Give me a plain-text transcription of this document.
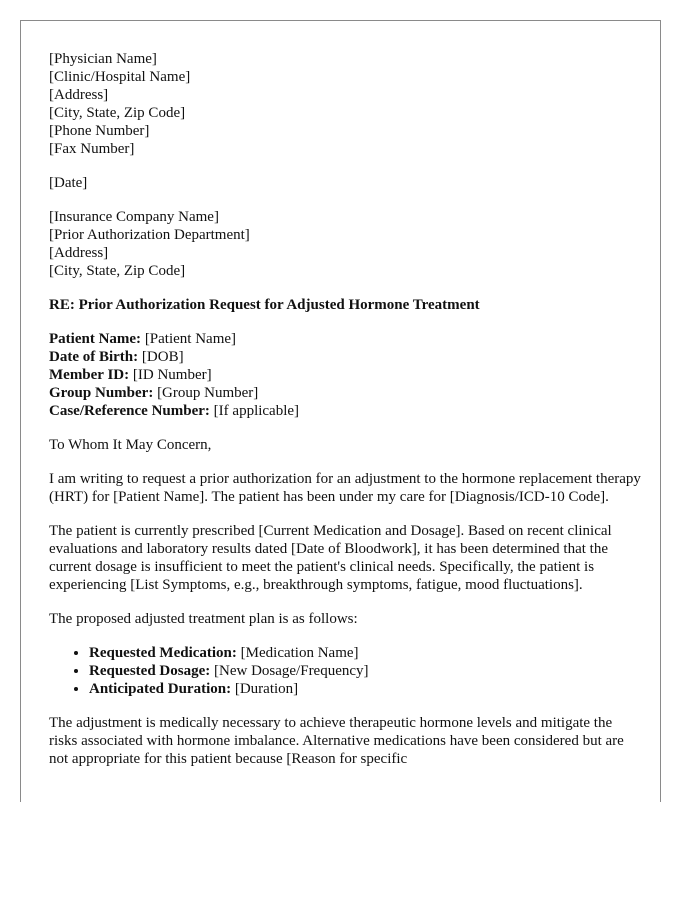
[Physician Name]
[Clinic/Hospital Name]
[Address]
[City, State, Zip Code]
[Phone Number]
[Fax Number]
[Date]
[Insurance Company Name]
[Prior Authorization Department]
[Address]
[City, State, Zip Code]

RE: Prior Authorization Request for Adjusted Hormone Treatment

Patient Name: [Patient Name]
Date of Birth: [DOB]
Member ID: [ID Number]
Group Number: [Group Number]
Case/Reference Number: [If applicable]

To Whom It May Concern,

I am writing to request a prior authorization for an adjustment to the hormone replacement therapy (HRT) for [Patient Name]. The patient has been under my care for [Diagnosis/ICD-10 Code].

The patient is currently prescribed [Current Medication and Dosage]. Based on recent clinical evaluations and laboratory results dated [Date of Bloodwork], it has been determined that the current dosage is insufficient to meet the patient's clinical needs. Specifically, the patient is experiencing [List Symptoms, e.g., breakthrough symptoms, fatigue, mood fluctuations].

The proposed adjusted treatment plan is as follows:

• Requested Medication: [Medication Name]
• Requested Dosage: [New Dosage/Frequency]
• Anticipated Duration: [Duration]

The adjustment is medically necessary to achieve therapeutic hormone levels and mitigate the risks associated with hormone imbalance. Alternative medications have been considered but are not appropriate for this patient because [Reason for specific
